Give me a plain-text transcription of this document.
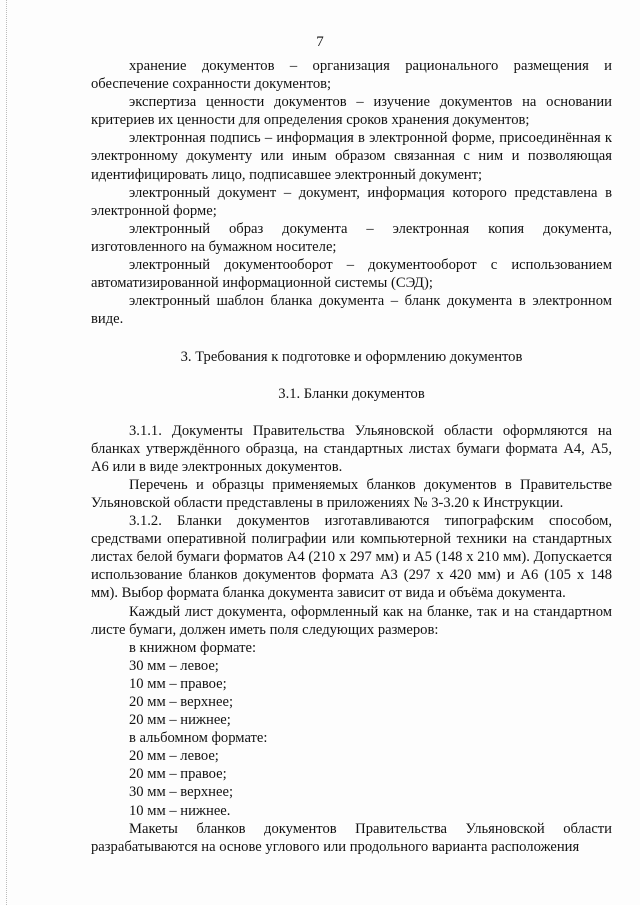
7

хранение документов – организация рационального размещения и обеспечение сохранности документов;

экспертиза ценности документов – изучение документов на основании критериев их ценности для определения сроков хранения документов;

электронная подпись – информация в электронной форме, присоединённая к электронному документу или иным образом связанная с ним и позволяющая идентифицировать лицо, подписавшее электронный документ;

электронный документ – документ, информация которого представлена в электронной форме;

электронный образ документа – электронная копия документа, изготовленного на бумажном носителе;

электронный документооборот – документооборот с использованием автоматизированной информационной системы (СЭД);

электронный шаблон бланка документа – бланк документа в электронном виде.

3. Требования к подготовке и оформлению документов

3.1. Бланки документов

3.1.1. Документы Правительства Ульяновской области оформляются на бланках утверждённого образца, на стандартных листах бумаги формата А4, А5, А6 или в виде электронных документов.

Перечень и образцы применяемых бланков документов в Правительстве Ульяновской области представлены в приложениях № 3-3.20 к Инструкции.

3.1.2. Бланки документов изготавливаются типографским способом, средствами оперативной полиграфии или компьютерной техники на стандартных листах белой бумаги форматов А4 (210 х 297 мм) и А5 (148 х 210 мм). Допускается использование бланков документов формата А3 (297 х 420 мм) и А6 (105 х 148 мм). Выбор формата бланка документа зависит от вида и объёма документа.

Каждый лист документа, оформленный как на бланке, так и на стандартном листе бумаги, должен иметь поля следующих размеров:

в книжном формате:

30 мм – левое;

10 мм – правое;

20 мм – верхнее;

20 мм – нижнее;

в альбомном формате:

20 мм – левое;

20 мм – правое;

30 мм – верхнее;

10 мм – нижнее.

Макеты бланков документов Правительства Ульяновской области разрабатываются на основе углового или продольного варианта расположения
